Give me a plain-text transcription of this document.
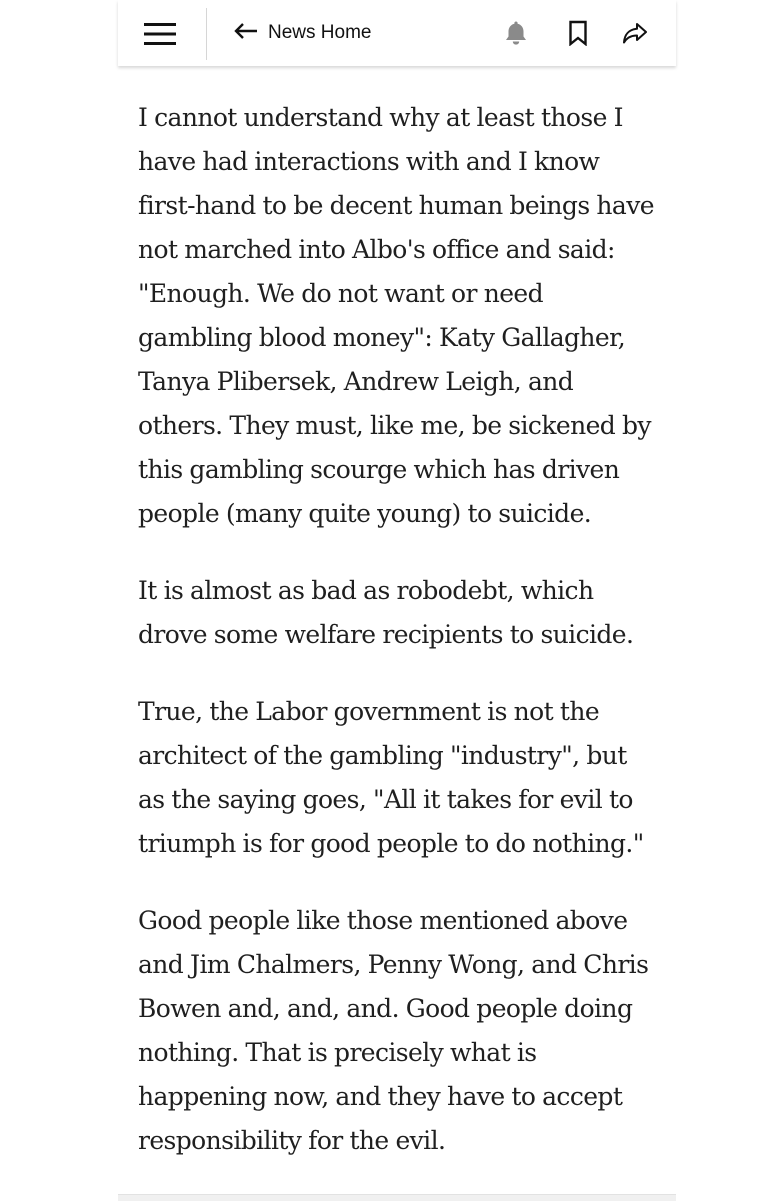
News Home

I cannot understand why at least those I have had interactions with and I know first-hand to be decent human beings have not marched into Albo's office and said: "Enough. We do not want or need gambling blood money": Katy Gallagher, Tanya Plibersek, Andrew Leigh, and others. They must, like me, be sickened by this gambling scourge which has driven people (many quite young) to suicide.

It is almost as bad as robodebt, which drove some welfare recipients to suicide.

True, the Labor government is not the architect of the gambling "industry", but as the saying goes, "All it takes for evil to triumph is for good people to do nothing."

Good people like those mentioned above and Jim Chalmers, Penny Wong, and Chris Bowen and, and, and. Good people doing nothing. That is precisely what is happening now, and they have to accept responsibility for the evil.
